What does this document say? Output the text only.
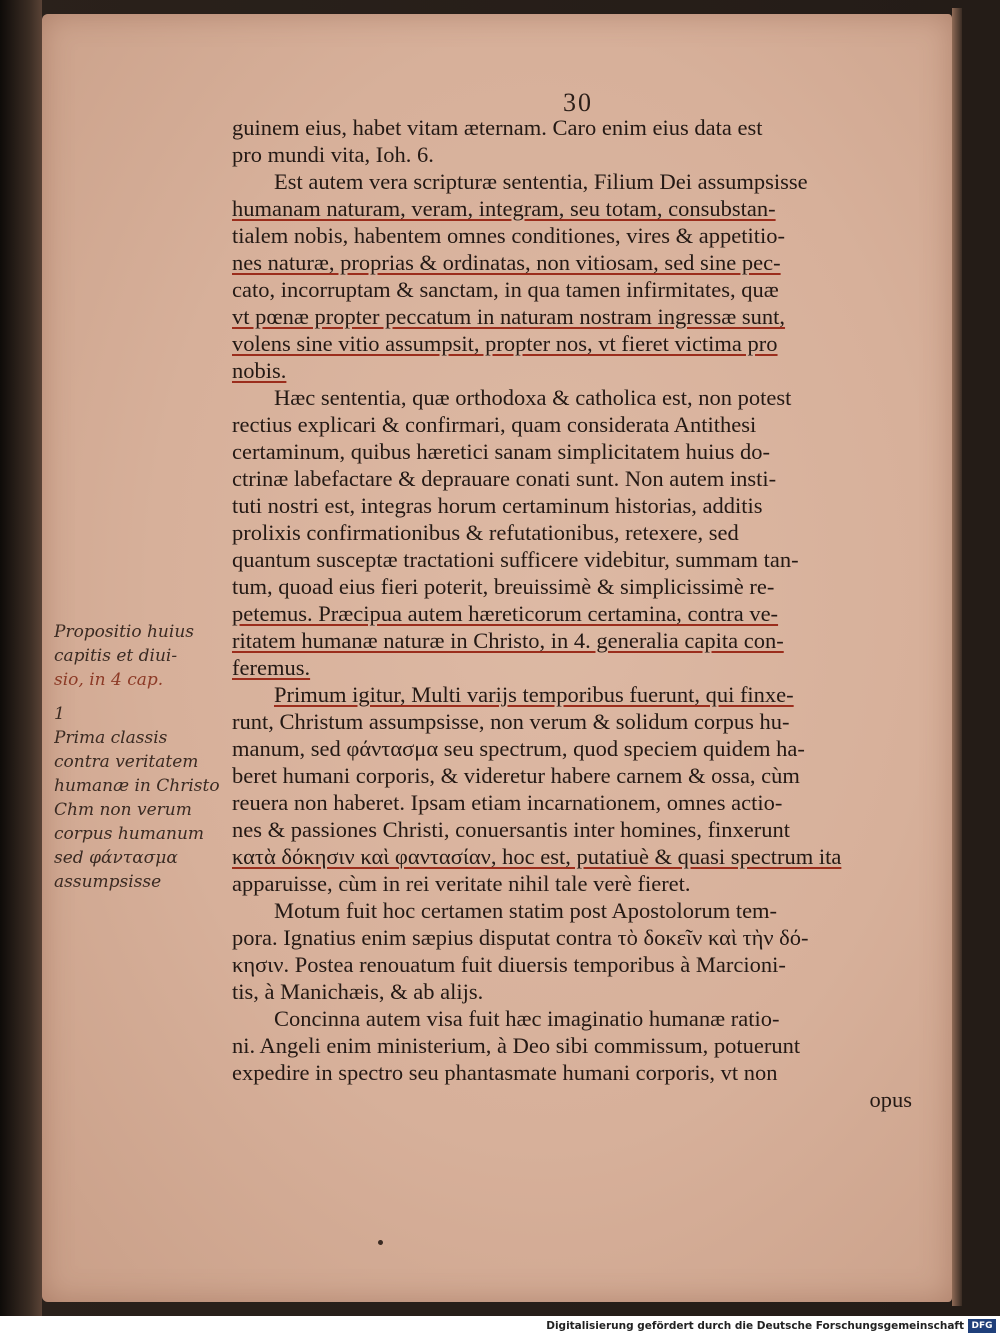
30
guinem eius, habet vitam æternam. Caro enim eius data est
pro mundi vita, Ioh. 6.
Est autem vera scripturæ sententia, Filium Dei assumpsisse
humanam naturam, veram, integram, seu totam, consubstan-
tialem nobis, habentem omnes conditiones, vires & appetitio-
nes naturæ, proprias & ordinatas, non vitiosam, sed sine pec-
cato, incorruptam & sanctam, in qua tamen infirmitates, quæ
vt pœnæ propter peccatum in naturam nostram ingressæ sunt,
volens sine vitio assumpsit, propter nos, vt fieret victima pro
nobis.
Hæc sententia, quæ orthodoxa & catholica est, non potest
rectius explicari & confirmari, quam considerata Antithesi
certaminum, quibus hæretici sanam simplicitatem huius do-
ctrinæ labefactare & deprauare conati sunt. Non autem insti-
tuti nostri est, integras horum certaminum historias, additis
prolixis confirmationibus & refutationibus, retexere, sed
quantum susceptæ tractationi sufficere videbitur, summam tan-
tum, quoad eius fieri poterit, breuissimè & simplicissimè re-
petemus. Præcipua autem hæreticorum certamina, contra ve-
ritatem humanæ naturæ in Christo, in 4. generalia capita con-
feremus.
Primum igitur, Multi varijs temporibus fuerunt, qui finxe-
runt, Christum assumpsisse, non verum & solidum corpus hu-
manum, sed φάντασμα seu spectrum, quod speciem quidem ha-
beret humani corporis, & videretur habere carnem & ossa, cùm
reuera non haberet. Ipsam etiam incarnationem, omnes actio-
nes & passiones Christi, conuersantis inter homines, finxerunt
κατὰ δόκησιν καὶ φαντασίαν, hoc est, putatiuè & quasi spectrum ita
apparuisse, cùm in rei veritate nihil tale verè fieret.
Motum fuit hoc certamen statim post Apostolorum tem-
pora. Ignatius enim sæpius disputat contra τὸ δοκεῖν καὶ τὴν δό-
κησιν. Postea renouatum fuit diuersis temporibus à Marcioni-
tis, à Manichæis, & ab alijs.
Concinna autem visa fuit hæc imaginatio humanæ ratio-
ni. Angeli enim ministerium, à Deo sibi commissum, potuerunt
expedire in spectro seu phantasmate humani corporis, vt non
opus
Propositio huius
capitis et diui-
sio, in 4 cap.
1
Prima classis
contra veritatem
humanæ in Christo
Chm non verum
corpus humanum
sed φάντασμα
assumpsisse
Digitalisierung gefördert durch die Deutsche Forschungsgemeinschaft DFG
